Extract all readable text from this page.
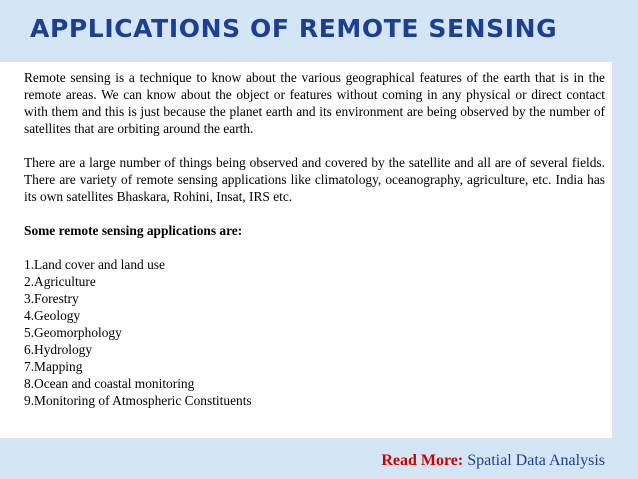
APPLICATIONS OF REMOTE SENSING

Remote sensing is a technique to know about the various geographical features of the earth that is in the remote areas. We can know about the object or features without coming in any physical or direct contact with them and this is just because the planet earth and its environment are being observed by the number of satellites that are orbiting around the earth.

There are a large number of things being observed and covered by the satellite and all are of several fields. There are variety of remote sensing applications like climatology, oceanography, agriculture, etc. India has its own satellites Bhaskara, Rohini, Insat, IRS etc.

Some remote sensing applications are:

1.Land cover and land use
2.Agriculture
3.Forestry
4.Geology
5.Geomorphology
6.Hydrology
7.Mapping
8.Ocean and coastal monitoring
9.Monitoring of Atmospheric Constituents
Read More: Spatial Data Analysis
